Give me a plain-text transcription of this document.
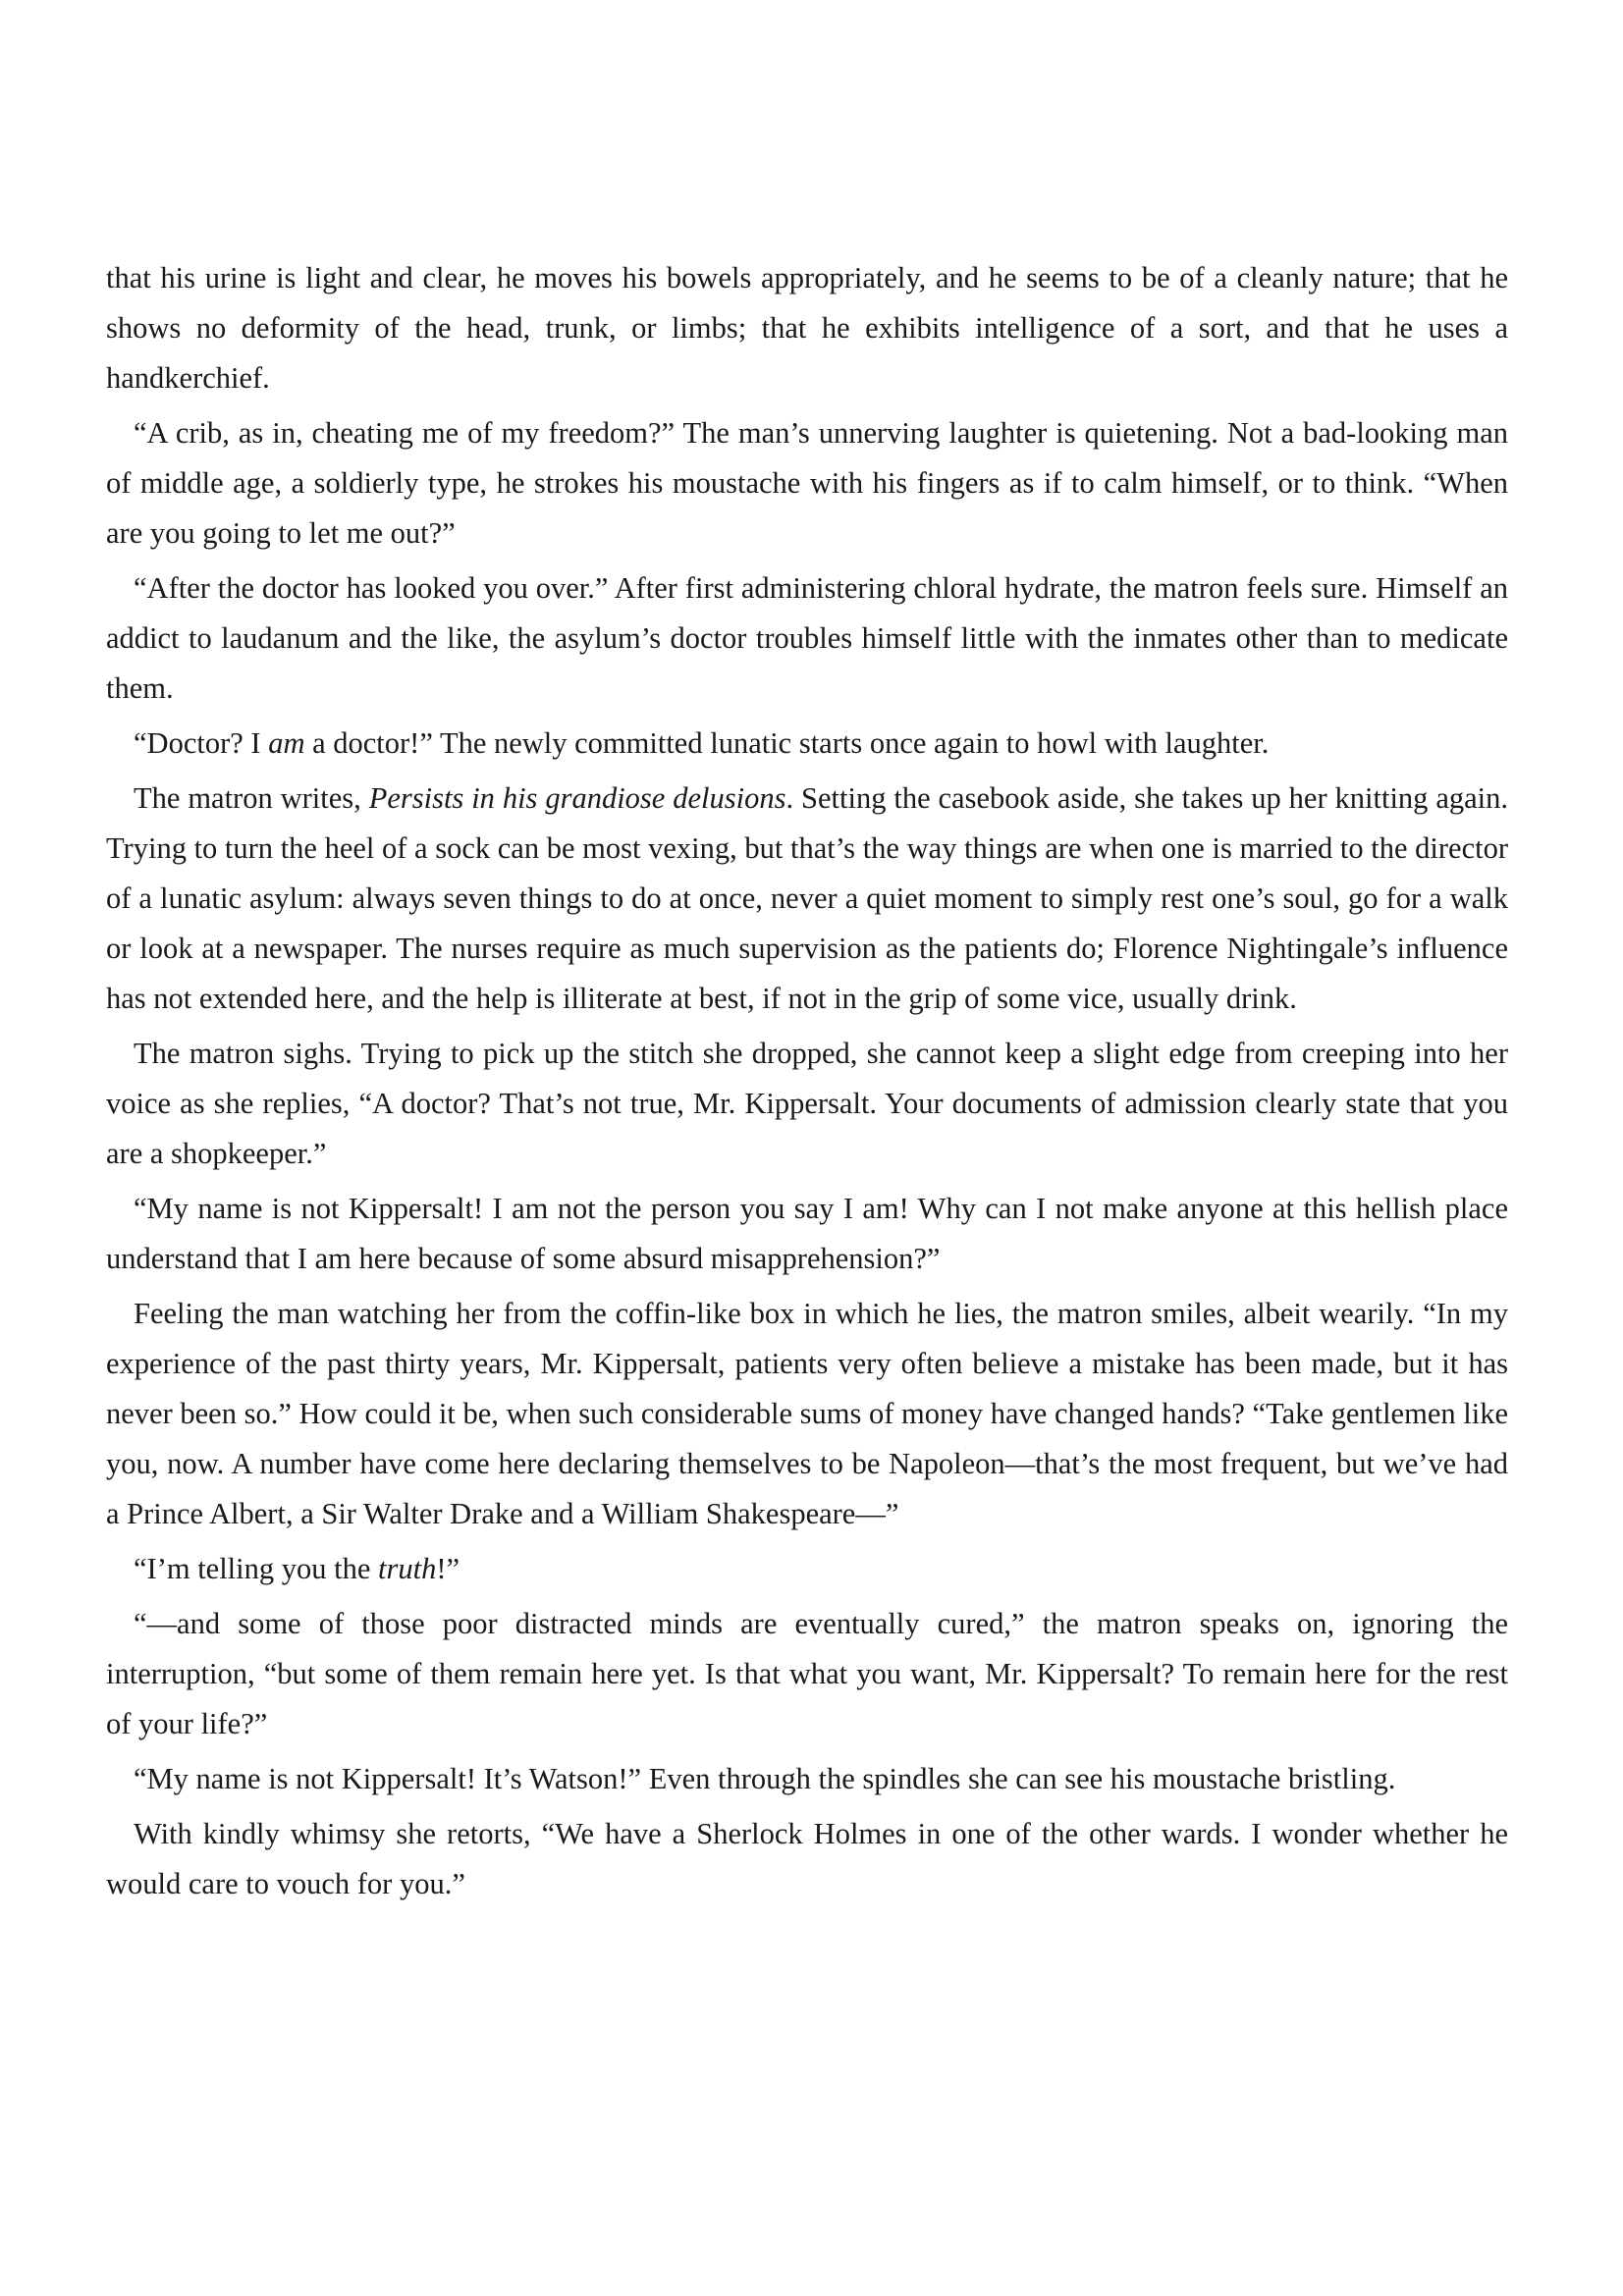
that his urine is light and clear, he moves his bowels appropriately, and he seems to be of a cleanly nature; that he shows no deformity of the head, trunk, or limbs; that he exhibits intelligence of a sort, and that he uses a handkerchief.

“A crib, as in, cheating me of my freedom?” The man’s unnerving laughter is quietening. Not a bad-looking man of middle age, a soldierly type, he strokes his moustache with his fingers as if to calm himself, or to think. “When are you going to let me out?”

“After the doctor has looked you over.” After first administering chloral hydrate, the matron feels sure. Himself an addict to laudanum and the like, the asylum’s doctor troubles himself little with the inmates other than to medicate them.

“Doctor? I am a doctor!” The newly committed lunatic starts once again to howl with laughter.

The matron writes, Persists in his grandiose delusions. Setting the casebook aside, she takes up her knitting again. Trying to turn the heel of a sock can be most vexing, but that’s the way things are when one is married to the director of a lunatic asylum: always seven things to do at once, never a quiet moment to simply rest one’s soul, go for a walk or look at a newspaper. The nurses require as much supervision as the patients do; Florence Nightingale’s influence has not extended here, and the help is illiterate at best, if not in the grip of some vice, usually drink.

The matron sighs. Trying to pick up the stitch she dropped, she cannot keep a slight edge from creeping into her voice as she replies, “A doctor? That’s not true, Mr. Kippersalt. Your documents of admission clearly state that you are a shopkeeper.”

“My name is not Kippersalt! I am not the person you say I am! Why can I not make anyone at this hellish place understand that I am here because of some absurd misapprehension?”

Feeling the man watching her from the coffin-like box in which he lies, the matron smiles, albeit wearily. “In my experience of the past thirty years, Mr. Kippersalt, patients very often believe a mistake has been made, but it has never been so.” How could it be, when such considerable sums of money have changed hands? “Take gentlemen like you, now. A number have come here declaring themselves to be Napoleon—that’s the most frequent, but we’ve had a Prince Albert, a Sir Walter Drake and a William Shakespeare—”

“I’m telling you the truth!”

“—and some of those poor distracted minds are eventually cured,” the matron speaks on, ignoring the interruption, “but some of them remain here yet. Is that what you want, Mr. Kippersalt? To remain here for the rest of your life?”

“My name is not Kippersalt! It’s Watson!” Even through the spindles she can see his moustache bristling.

With kindly whimsy she retorts, “We have a Sherlock Holmes in one of the other wards. I wonder whether he would care to vouch for you.”
